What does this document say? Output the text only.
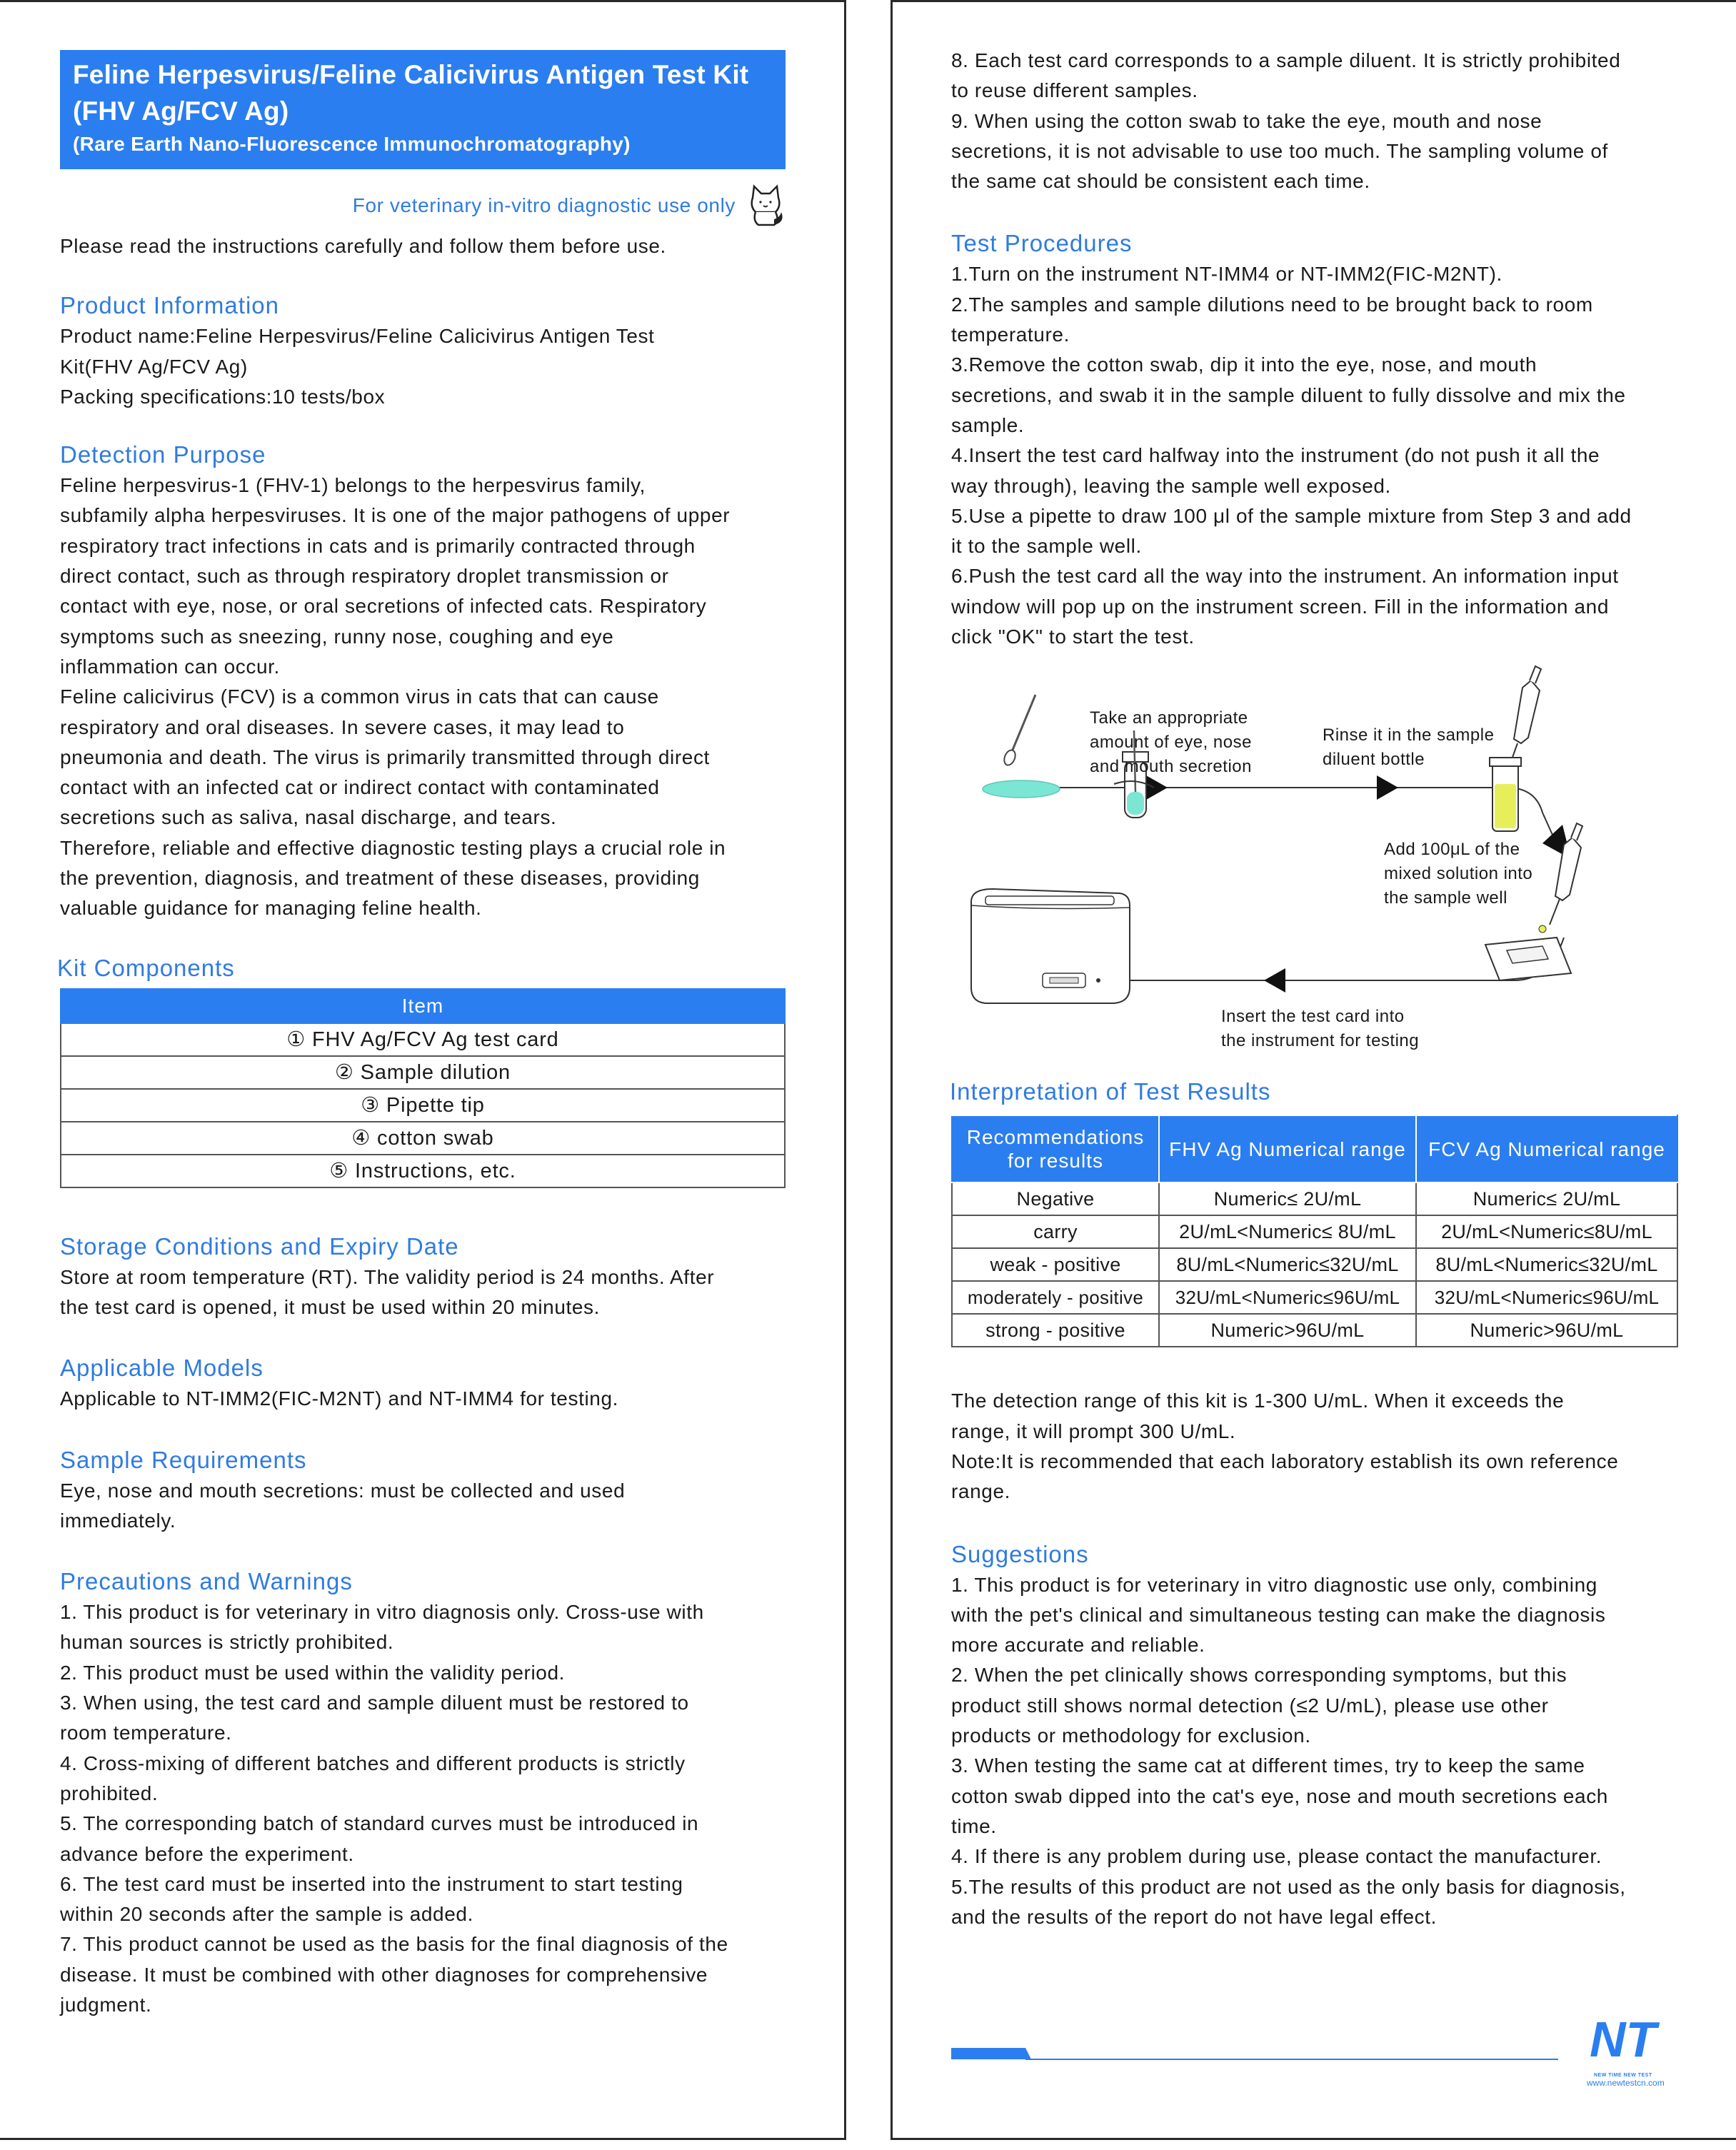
Feline Herpesvirus/Feline Calicivirus Antigen Test Kit
(FHV Ag/FCV Ag)
(Rare Earth Nano-Fluorescence Immunochromatography)
For veterinary in-vitro diagnostic use only

Please read the instructions carefully and follow them before use.

Product Information

Product name:Feline Herpesvirus/Feline Calicivirus Antigen Test

Kit(FHV Ag/FCV Ag)

Packing specifications:10 tests/box

Detection Purpose

Feline herpesvirus-1 (FHV-1) belongs to the herpesvirus family,

subfamily alpha herpesviruses. It is one of the major pathogens of upper

respiratory tract infections in cats and is primarily contracted through

direct contact, such as through respiratory droplet transmission or

contact with eye, nose, or oral secretions of infected cats. Respiratory

symptoms such as sneezing, runny nose, coughing and eye

inflammation can occur.

Feline calicivirus (FCV) is a common virus in cats that can cause

respiratory and oral diseases. In severe cases, it may lead to

pneumonia and death. The virus is primarily transmitted through direct

contact with an infected cat or indirect contact with contaminated

secretions such as saliva, nasal discharge, and tears.

Therefore, reliable and effective diagnostic testing plays a crucial role in

the prevention, diagnosis, and treatment of these diseases, providing

valuable guidance for managing feline health.

Kit Components
Item
① FHV Ag/FCV Ag test card
② Sample dilution
③ Pipette tip
④ cotton swab
⑤ Instructions, etc.
Storage Conditions and Expiry Date

Store at room temperature (RT). The validity period is 24 months. After

the test card is opened, it must be used within 20 minutes.

Applicable Models

Applicable to NT-IMM2(FIC-M2NT) and NT-IMM4 for testing.

Sample Requirements

Eye, nose and mouth secretions: must be collected and used

immediately.

Precautions and Warnings

1. This product is for veterinary in vitro diagnosis only. Cross-use with

human sources is strictly prohibited.

2. This product must be used within the validity period.

3. When using, the test card and sample diluent must be restored to

room temperature.

4. Cross-mixing of different batches and different products is strictly

prohibited.

5. The corresponding batch of standard curves must be introduced in

advance before the experiment.

6. The test card must be inserted into the instrument to start testing

within 20 seconds after the sample is added.

7. This product cannot be used as the basis for the final diagnosis of the

disease. It must be combined with other diagnoses for comprehensive

judgment.

8. Each test card corresponds to a sample diluent. It is strictly prohibited

to reuse different samples.

9. When using the cotton swab to take the eye, mouth and nose

secretions, it is not advisable to use too much. The sampling volume of

the same cat should be consistent each time.

Test Procedures

1.Turn on the instrument NT-IMM4 or NT-IMM2(FIC-M2NT).

2.The samples and sample dilutions need to be brought back to room

temperature.

3.Remove the cotton swab, dip it into the eye, nose, and mouth

secretions, and swab it in the sample diluent to fully dissolve and mix the

sample.

4.Insert the test card halfway into the instrument (do not push it all the

way through), leaving the sample well exposed.

5.Use a pipette to draw 100 μl of the sample mixture from Step 3 and add

it to the sample well.

6.Push the test card all the way into the instrument. An information input

window will pop up on the instrument screen. Fill in the information and

click "OK" to start the test.

Take an appropriate amount of eye, nose and mouth secretion
Rinse it in the sample diluent bottle
Add 100μL of the mixed solution into the sample well
Insert the test card into the instrument for testing
Interpretation of Test Results
Recommendations for results	FHV Ag Numerical range	FCV Ag Numerical range
Negative	Numeric≤ 2U/mL	Numeric≤ 2U/mL
carry	2U/mL<Numeric≤ 8U/mL	2U/mL<Numeric≤8U/mL
weak - positive	8U/mL<Numeric≤32U/mL	8U/mL<Numeric≤32U/mL
moderately - positive	32U/mL<Numeric≤96U/mL	32U/mL<Numeric≤96U/mL
strong - positive	Numeric>96U/mL	Numeric>96U/mL

The detection range of this kit is 1-300 U/mL. When it exceeds the

range, it will prompt 300 U/mL.

Note:It is recommended that each laboratory establish its own reference

range.

Suggestions

1. This product is for veterinary in vitro diagnostic use only, combining

with the pet's clinical and simultaneous testing can make the diagnosis

more accurate and reliable.

2. When the pet clinically shows corresponding symptoms, but this

product still shows normal detection (≤2 U/mL), please use other

products or methodology for exclusion.

3. When testing the same cat at different times, try to keep the same

cotton swab dipped into the cat's eye, nose and mouth secretions each

time.

4. If there is any problem during use, please contact the manufacturer.

5.The results of this product are not used as the only basis for diagnosis,

and the results of the report do not have legal effect.

NT
NEW TIME NEW TEST
www.newtestcn.com
